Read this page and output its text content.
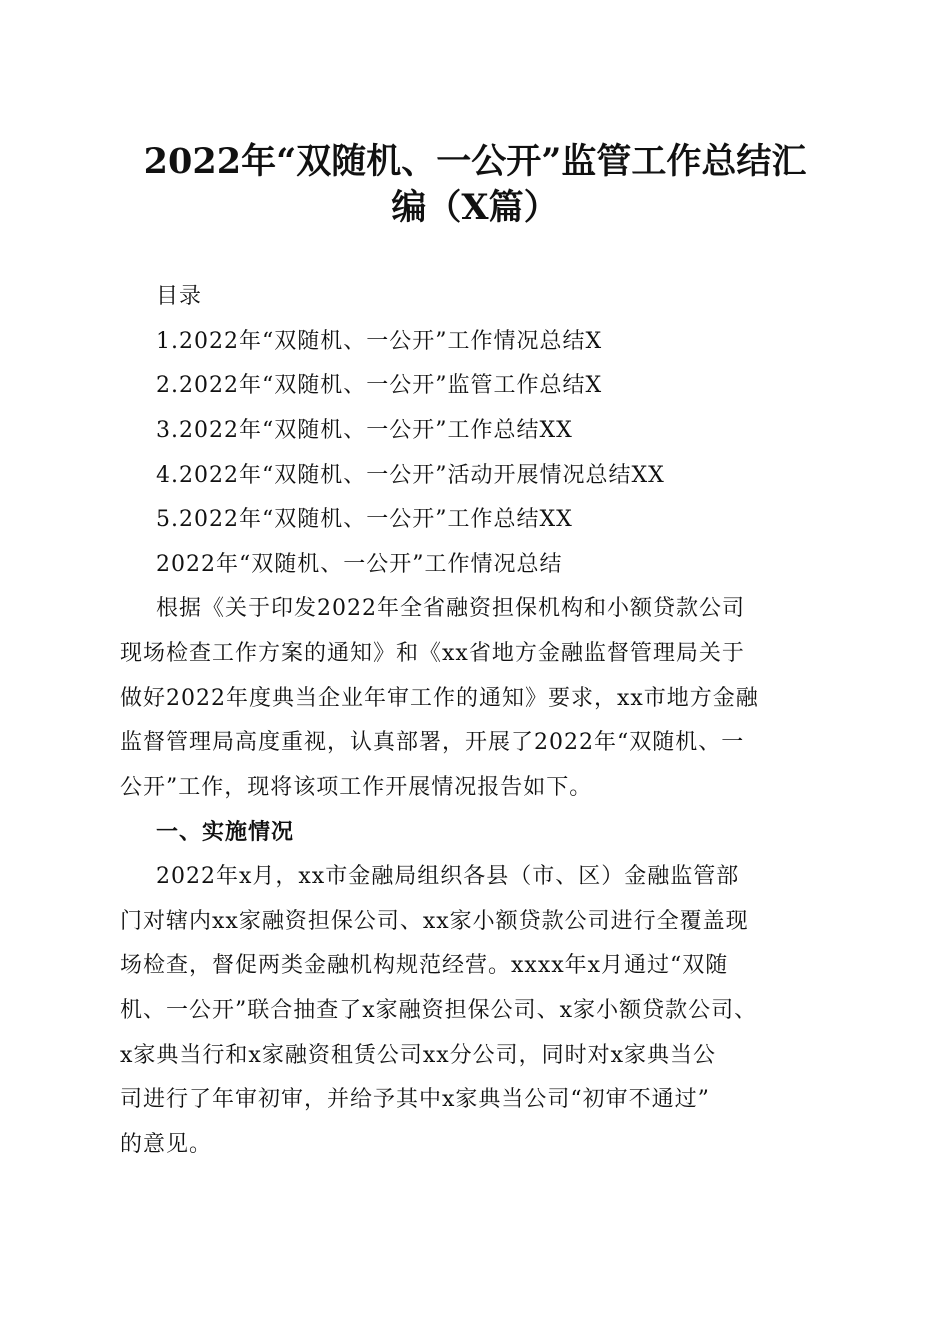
2022年“双随机、一公开”监管工作总结汇
编（X篇）
目录
1.2022年“双随机、一公开”工作情况总结X
2.2022年“双随机、一公开”监管工作总结X
3.2022年“双随机、一公开”工作总结XX
4.2022年“双随机、一公开”活动开展情况总结XX
5.2022年“双随机、一公开”工作总结XX
2022年“双随机、一公开”工作情况总结
根据《关于印发2022年全省融资担保机构和小额贷款公司
现场检查工作方案的通知》和《xx省地方金融监督管理局关于
做好2022年度典当企业年审工作的通知》要求，xx市地方金融
监督管理局高度重视，认真部署，开展了2022年“双随机、一
公开”工作，现将该项工作开展情况报告如下。
一、实施情况
2022年x月，xx市金融局组织各县（市、区）金融监管部
门对辖内xx家融资担保公司、xx家小额贷款公司进行全覆盖现
场检查，督促两类金融机构规范经营。xxxx年x月通过“双随
机、一公开”联合抽查了x家融资担保公司、x家小额贷款公司、
x家典当行和x家融资租赁公司xx分公司，同时对x家典当公
司进行了年审初审，并给予其中x家典当公司“初审不通过”
的意见。
